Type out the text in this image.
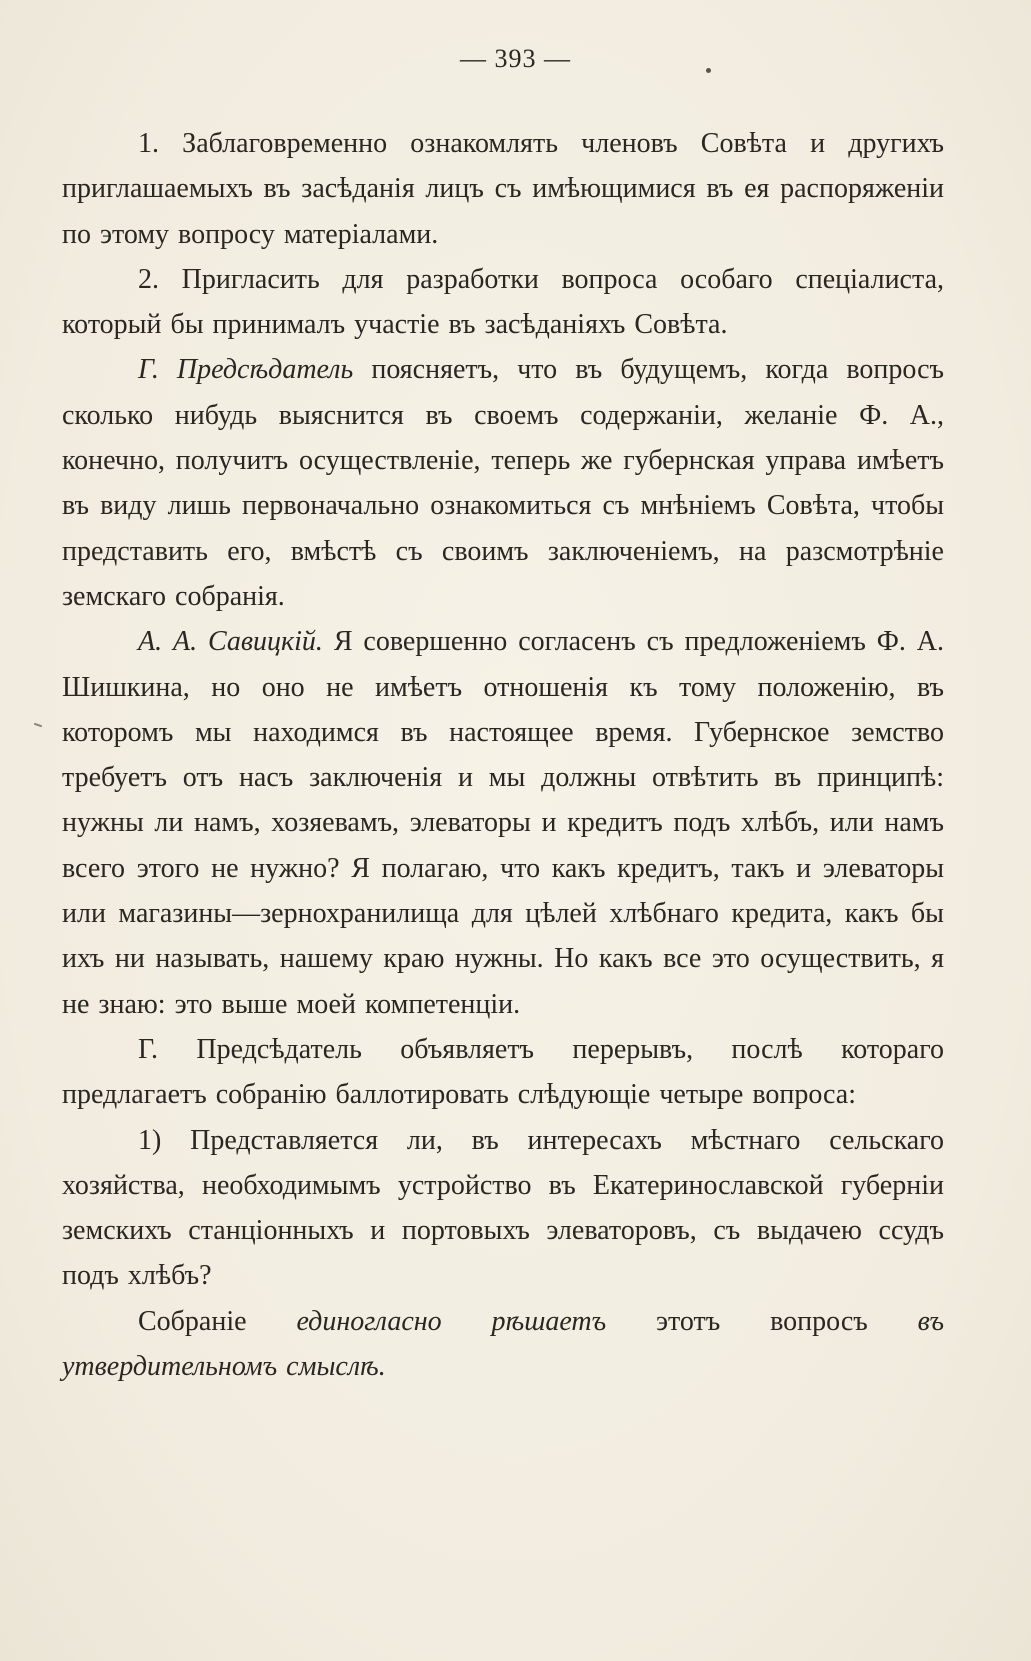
— 393 —

1. Заблаговременно ознакомлять членовъ Совѣта и другихъ приглашаемыхъ въ засѣданія лицъ съ имѣющимися въ ея распоряженіи по этому вопросу матеріалами.

2. Пригласить для разработки вопроса особаго спеціалиста, который бы принималъ участіе въ засѣданіяхъ Совѣта.

Г. Предсѣдатель поясняетъ, что въ будущемъ, когда вопросъ сколько нибудь выяснится въ своемъ содержаніи, желаніе Ф. А., конечно, получитъ осуществленіе, теперь же губернская управа имѣетъ въ виду лишь первоначально ознакомиться съ мнѣніемъ Совѣта, чтобы представить его, вмѣстѣ съ своимъ заключеніемъ, на разсмотрѣніе земскаго собранія.

А. А. Савицкій. Я совершенно согласенъ съ предложеніемъ Ф. А. Шишкина, но оно не имѣетъ отношенія къ тому положенію, въ которомъ мы находимся въ настоящее время. Губернское земство требуетъ отъ насъ заключенія и мы должны отвѣтить въ принципѣ: нужны ли намъ, хозяевамъ, элеваторы и кредитъ подъ хлѣбъ, или намъ всего этого не нужно? Я полагаю, что какъ кредитъ, такъ и элеваторы или магазины—зернохранилища для цѣлей хлѣбнаго кредита, какъ бы ихъ ни называть, нашему краю нужны. Но какъ все это осуществить, я не знаю: это выше моей компетенціи.

Г. Предсѣдатель объявляетъ перерывъ, послѣ котораго предлагаетъ собранію баллотировать слѣдующіе четыре вопроса:

1) Представляется ли, въ интересахъ мѣстнаго сельскаго хозяйства, необходимымъ устройство въ Екатеринославской губерніи земскихъ станціонныхъ и портовыхъ элеваторовъ, съ выдачею ссудъ подъ хлѣбъ?

Собраніе единогласно рѣшаетъ этотъ вопросъ въ утвердительномъ смыслѣ.
